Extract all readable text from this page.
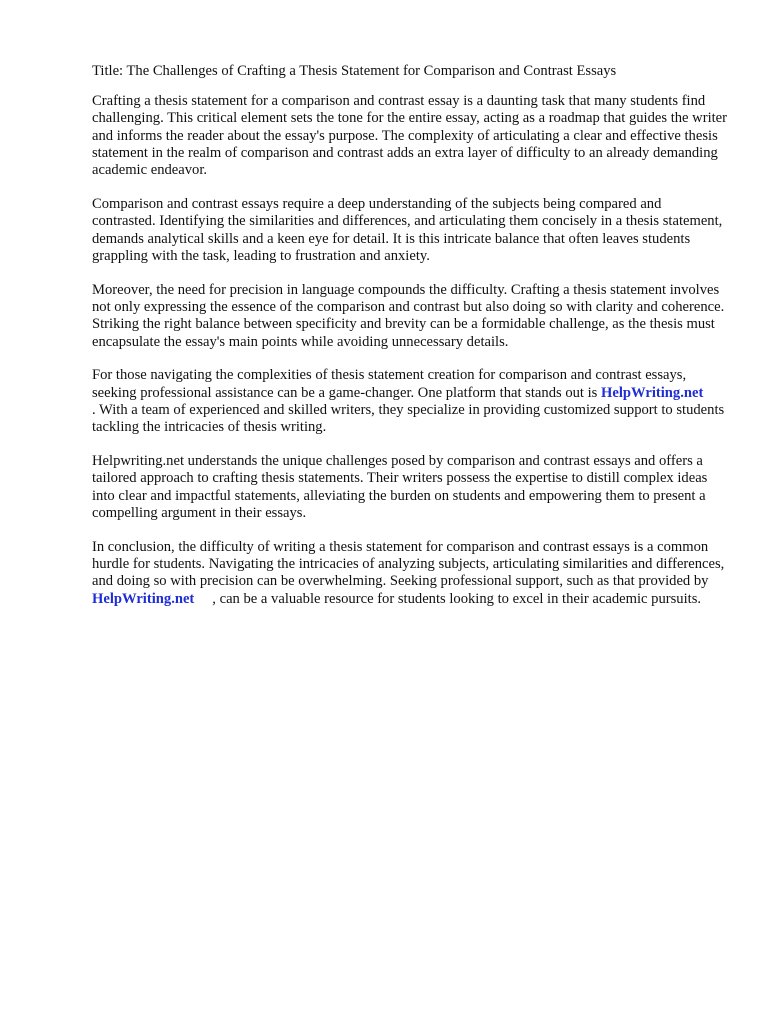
Title: The Challenges of Crafting a Thesis Statement for Comparison and Contrast Essays

Crafting a thesis statement for a comparison and contrast essay is a daunting task that many students find challenging. This critical element sets the tone for the entire essay, acting as a roadmap that guides the writer and informs the reader about the essay's purpose. The complexity of articulating a clear and effective thesis statement in the realm of comparison and contrast adds an extra layer of difficulty to an already demanding academic endeavor.

Comparison and contrast essays require a deep understanding of the subjects being compared and contrasted. Identifying the similarities and differences, and articulating them concisely in a thesis statement, demands analytical skills and a keen eye for detail. It is this intricate balance that often leaves students grappling with the task, leading to frustration and anxiety.

Moreover, the need for precision in language compounds the difficulty. Crafting a thesis statement involves not only expressing the essence of the comparison and contrast but also doing so with clarity and coherence. Striking the right balance between specificity and brevity can be a formidable challenge, as the thesis must encapsulate the essay's main points while avoiding unnecessary details.

For those navigating the complexities of thesis statement creation for comparison and contrast essays, seeking professional assistance can be a game-changer. One platform that stands out is HelpWriting.net. With a team of experienced and skilled writers, they specialize in providing customized support to students tackling the intricacies of thesis writing.

Helpwriting.net understands the unique challenges posed by comparison and contrast essays and offers a tailored approach to crafting thesis statements. Their writers possess the expertise to distill complex ideas into clear and impactful statements, alleviating the burden on students and empowering them to present a compelling argument in their essays.

In conclusion, the difficulty of writing a thesis statement for comparison and contrast essays is a common hurdle for students. Navigating the intricacies of analyzing subjects, articulating similarities and differences, and doing so with precision can be overwhelming. Seeking professional support, such as that provided byHelpWriting.net , can be a valuable resource for students looking to excel in their academic pursuits.
